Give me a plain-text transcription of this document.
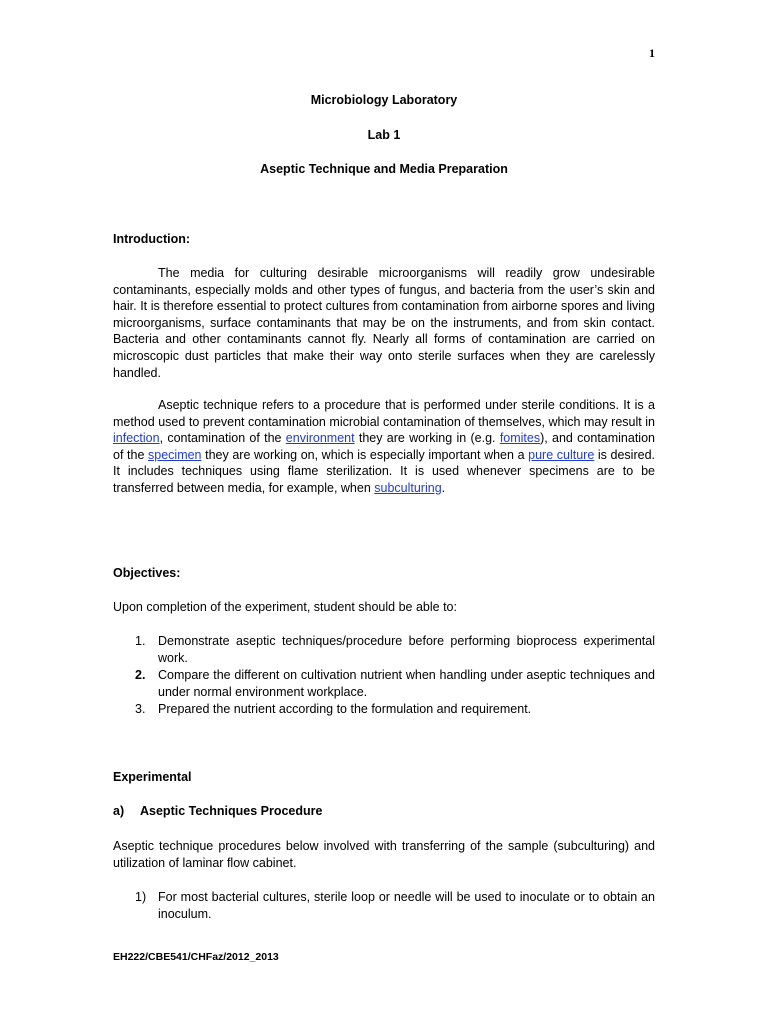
1
Microbiology Laboratory
Lab 1
Aseptic Technique and Media Preparation
Introduction:
The media for culturing desirable microorganisms will readily grow undesirable contaminants, especially molds and other types of fungus, and bacteria from the user’s skin and hair. It is therefore essential to protect cultures from contamination from airborne spores and living microorganisms, surface contaminants that may be on the instruments, and from skin contact. Bacteria and other contaminants cannot fly. Nearly all forms of contamination are carried on microscopic dust particles that make their way onto sterile surfaces when they are carelessly handled.
Aseptic technique refers to a procedure that is performed under sterile conditions. It is a method used to prevent contamination microbial contamination of themselves, which may result in infection, contamination of the environment they are working in (e.g. fomites), and contamination of the specimen they are working on, which is especially important when a pure culture is desired. It includes techniques using flame sterilization. It is used whenever specimens are to be transferred between media, for example, when subculturing.
Objectives:
Upon completion of the experiment, student should be able to:
1. Demonstrate aseptic techniques/procedure before performing bioprocess experimental work.
2. Compare the different on cultivation nutrient when handling under aseptic techniques and under normal environment workplace.
3. Prepared the nutrient according to the formulation and requirement.
Experimental
a) Aseptic Techniques Procedure
Aseptic technique procedures below involved with transferring of the sample (subculturing) and utilization of laminar flow cabinet.
1) For most bacterial cultures, sterile loop or needle will be used to inoculate or to obtain an inoculum.
EH222/CBE541/CHFaz/2012_2013
